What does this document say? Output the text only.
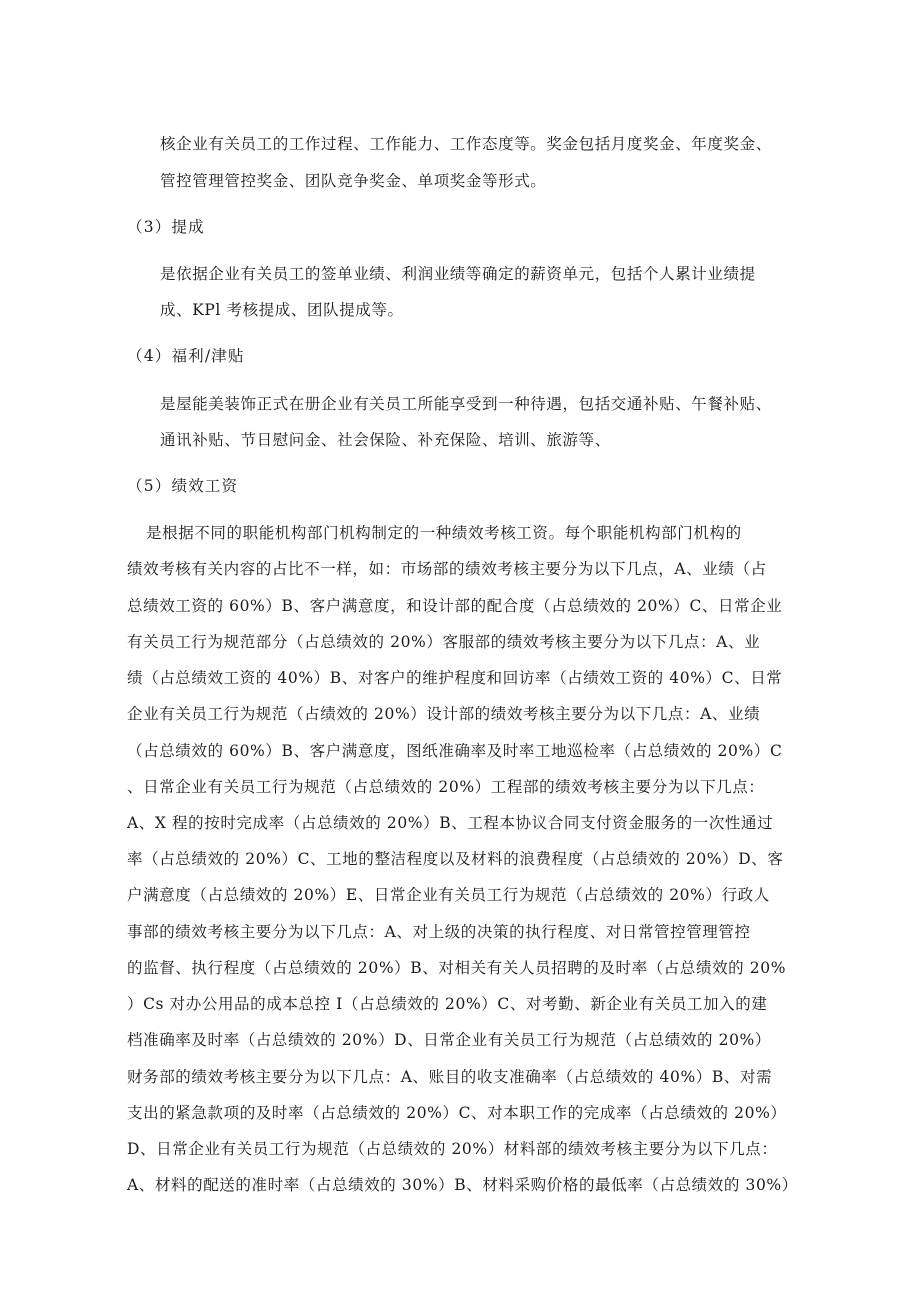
核企业有关员工的工作过程、工作能力、工作态度等。奖金包括月度奖金、年度奖金、
管控管理管控奖金、团队竞争奖金、单项奖金等形式。
（3）提成
是依据企业有关员工的签单业绩、利润业绩等确定的薪资单元，包括个人累计业绩提
成、KPl 考核提成、团队提成等。
（4）福利/津贴
是屋能美装饰正式在册企业有关员工所能享受到一种待遇，包括交通补贴、午餐补贴、
通讯补贴、节日慰问金、社会保险、补充保险、培训、旅游等、
（5）绩效工资
是根据不同的职能机构部门机构制定的一种绩效考核工资。每个职能机构部门机构的
绩效考核有关内容的占比不一样，如：市场部的绩效考核主要分为以下几点，A、业绩（占
总绩效工资的 60%）B、客户满意度，和设计部的配合度（占总绩效的 20%）C、日常企业
有关员工行为规范部分（占总绩效的 20%）客服部的绩效考核主要分为以下几点：A、业
绩（占总绩效工资的 40%）B、对客户的维护程度和回访率（占绩效工资的 40%）C、日常
企业有关员工行为规范（占绩效的 20%）设计部的绩效考核主要分为以下几点：A、业绩
（占总绩效的 60%）B、客户满意度，图纸准确率及时率工地巡检率（占总绩效的 20%）C
、日常企业有关员工行为规范（占总绩效的 20%）工程部的绩效考核主要分为以下几点：
A、X 程的按时完成率（占总绩效的 20%）B、工程本协议合同支付资金服务的一次性通过
率（占总绩效的 20%）C、工地的整洁程度以及材料的浪费程度（占总绩效的 20%）D、客
户满意度（占总绩效的 20%）E、日常企业有关员工行为规范（占总绩效的 20%）行政人
事部的绩效考核主要分为以下几点：A、对上级的决策的执行程度、对日常管控管理管控
的监督、执行程度（占总绩效的 20%）B、对相关有关人员招聘的及时率（占总绩效的 20%
）Cs 对办公用品的成本总控 I（占总绩效的 20%）C、对考勤、新企业有关员工加入的建
档准确率及时率（占总绩效的 20%）D、日常企业有关员工行为规范（占总绩效的 20%）
财务部的绩效考核主要分为以下几点：A、账目的收支准确率（占总绩效的 40%）B、对需
支出的紧急款项的及时率（占总绩效的 20%）C、对本职工作的完成率（占总绩效的 20%）
D、日常企业有关员工行为规范（占总绩效的 20%）材料部的绩效考核主要分为以下几点：
A、材料的配送的准时率（占总绩效的 30%）B、材料采购价格的最低率（占总绩效的 30%）
